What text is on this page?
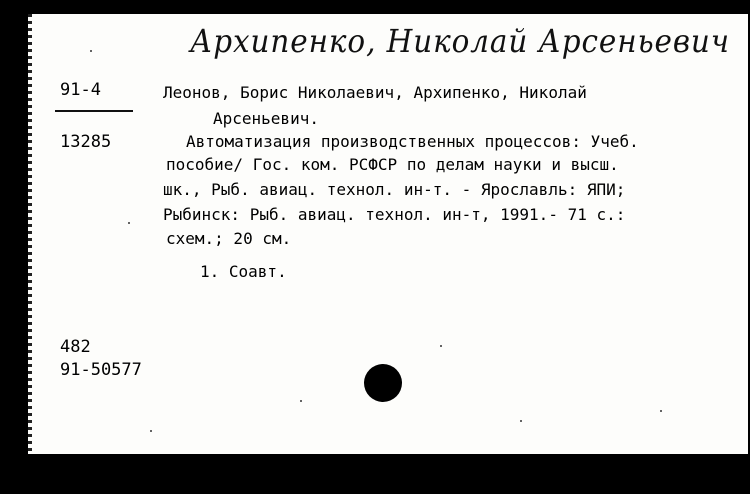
Архипенко, Николай Арсеньевич
91-4
13285
Леонов, Борис Николаевич, Архипенко, Николай
Арсеньевич.
Автоматизация производственных процессов: Учеб.
пособие/ Гос. ком. РСФСР по делам науки и высш.
шк., Рыб. авиац. технол. ин-т. - Ярославль: ЯПИ;
Рыбинск: Рыб. авиац. технол. ин-т, 1991.- 71 с.:
схем.; 20 см.
1. Соавт.
482
91-50577
